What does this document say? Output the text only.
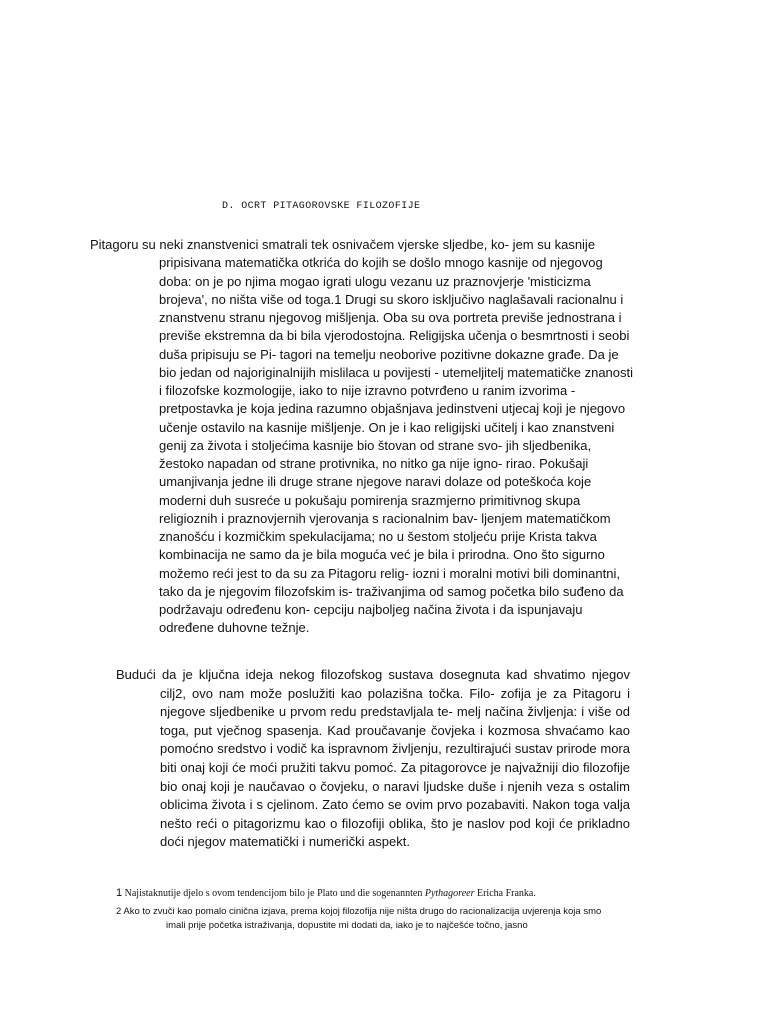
D. OCRT PITAGOROVSKE FILOZOFIJE

Pitagoru su neki znanstvenici smatrali tek osnivačem vjerske sljedbe, ko- jem su kasnije pripisivana matematička otkrića do kojih se došlo mnogo kasnije od njegovog doba: on je po njima mogao igrati ulogu vezanu uz praznovjerje 'misticizma brojeva', no ništa više od toga.1 Drugi su skoro isključivo naglašavali racionalnu i znanstvenu stranu njegovog mišljenja. Oba su ova portreta previše jednostrana i previše ekstremna da bi bila vjerodostojna. Religijska učenja o besmrtnosti i seobi duša pripisuju se Pi- tagori na temelju neoborive pozitivne dokazne građe. Da je bio jedan od najoriginalnijih mislilaca u povijesti - utemeljitelj matematičke znanosti i filozofske kozmologije, iako to nije izravno potvrđeno u ranim izvorima - pretpostavka je koja jedina razumno objašnjava jedinstveni utjecaj koji je njegovo učenje ostavilo na kasnije mišljenje. On je i kao religijski učitelj i kao znanstveni genij za života i stoljećima kasnije bio štovan od strane svo- jih sljedbenika, žestoko napadan od strane protivnika, no nitko ga nije igno- rirao. Pokušaji umanjivanja jedne ili druge strane njegove naravi dolaze od poteškoća koje moderni duh susreće u pokušaju pomirenja srazmjerno primitivnog skupa religioznih i praznovjernih vjerovanja s racionalnim bav- ljenjem matematičkom znanošću i kozmičkim spekulacijama; no u šestom stoljeću prije Krista takva kombinacija ne samo da je bila moguća već je bila i prirodna. Ono što sigurno možemo reći jest to da su za Pitagoru relig- iozni i moralni motivi bili dominantni, tako da je njegovim filozofskim is- traživanjima od samog početka bilo suđeno da podržavaju određenu kon- cepciju najboljeg načina života i da ispunjavaju određene duhovne težnje.

Budući da je ključna ideja nekog filozofskog sustava dosegnuta kad shvatimo njegov cilj2, ovo nam može poslužiti kao polazišna točka. Filo- zofija je za Pitagoru i njegove sljedbenike u prvom redu predstavljala te- melj načina življenja: i više od toga, put vječnog spasenja. Kad proučavanje čovjeka i kozmosa shvaćamo kao pomoćno sredstvo i vodič ka ispravnom življenju, rezultirajući sustav prirode mora biti onaj koji će moći pružiti takvu pomoć. Za pitagorovce je najvažniji dio filozofije bio onaj koji je naučavao o čovjeku, o naravi ljudske duše i njenih veza s ostalim oblicima života i s cjelinom. Zato ćemo se ovim prvo pozabaviti. Nakon toga valja nešto reći o pitagorizmu kao o filozofiji oblika, što je naslov pod koji će prikladno doći njegov matematički i numerički aspekt.

1 Najistaknutije djelo s ovom tendencijom bilo je Plato und die sogenannten Pythagoreer Ericha Franka.

2 Ako to zvuči kao pomalo cinična izjava, prema kojoj filozofija nije ništa drugo do racionalizacija uvjerenja koja smo imali prije početka istraživanja, dopustite mi dodati da, iako je to najčešće točno, jasno
